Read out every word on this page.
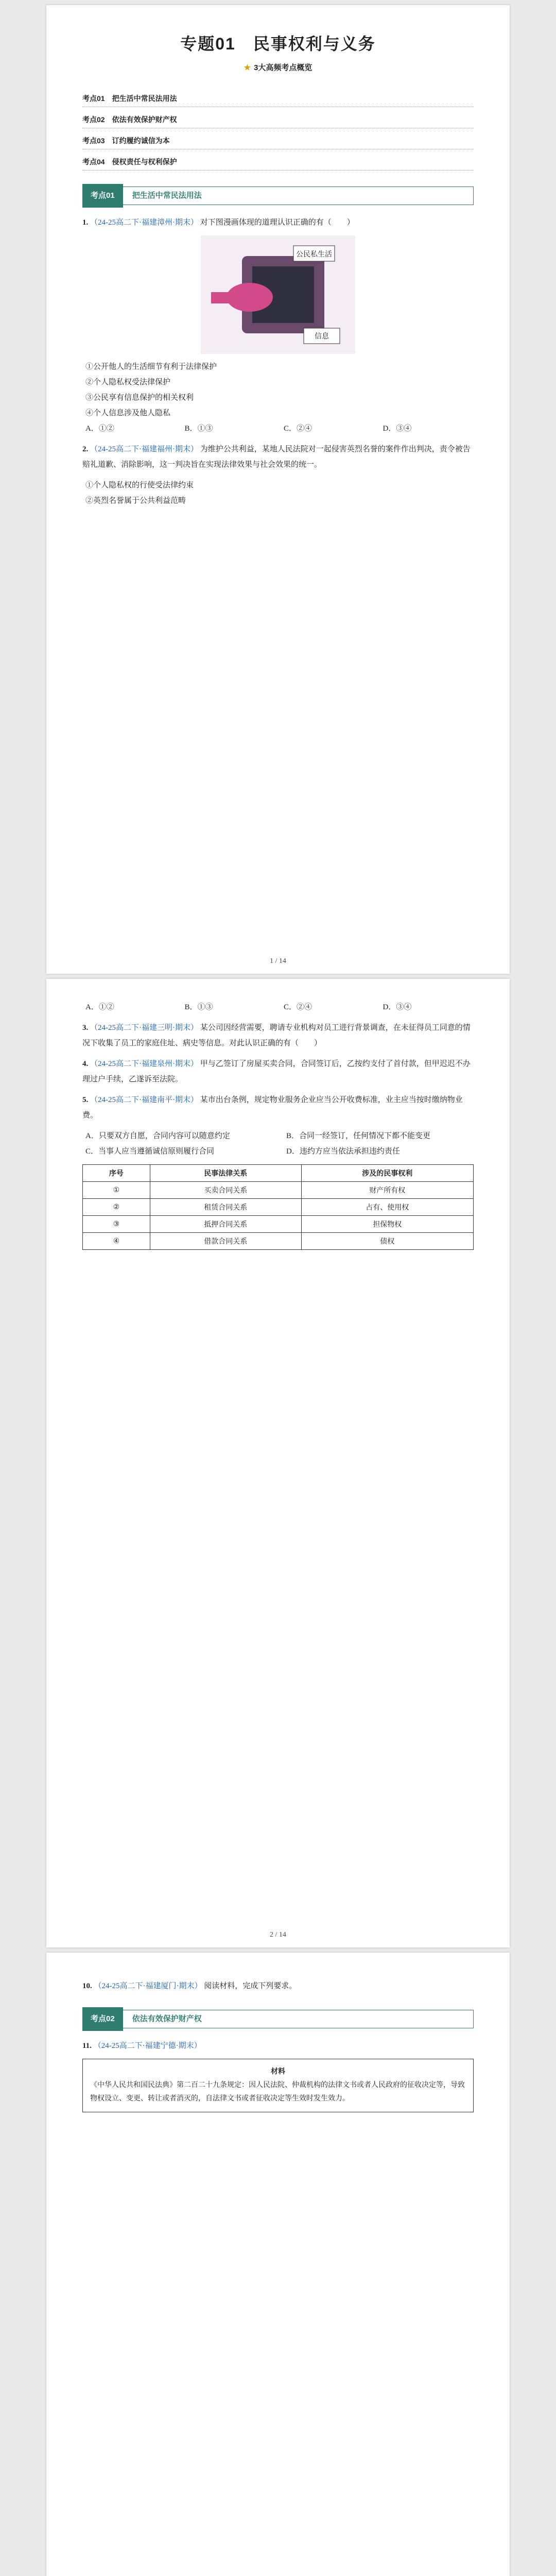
专题01　民事权利与义务
★ 3大高频考点概览
考点01　把生活中常民法用法
考点02　依法有效保护财产权
考点03　订约履约诚信为本
考点04　侵权责任与权利保护
考点01	把生活中常民法用法
1. （24-25高二下·福建漳州·期末） 对下图漫画体现的道理认识正确的有（　　）
公民私生活
信息
①公开他人的生活细节有利于法律保护
②个人隐私权受法律保护
③公民享有信息保护的相关权利
④个人信息涉及他人隐私
A．①②	B．①③	C．②④	D．③④
2. （24-25高二下·福建福州·期末） 为维护公共利益，某地人民法院对一起侵害英烈名誉的案件作出判决，责令被告赔礼道歉、消除影响，这一判决旨在实现法律效果与社会效果的统一。
①个人隐私权的行使受法律约束
②英烈名誉属于公共利益范畴
1 / 14
A．①②	B．①③	C．②④	D．③④
3. （24-25高二下·福建三明·期末） 某公司因经营需要，聘请专业机构对员工进行背景调查，在未征得员工同意的情况下收集了员工的家庭住址、病史等信息。对此认识正确的有（　　）
4. （24-25高二下·福建泉州·期末） 甲与乙签订了房屋买卖合同，合同签订后，乙按约支付了首付款，但甲迟迟不办理过户手续，乙遂诉至法院。
5. （24-25高二下·福建南平·期末） 某市出台条例，规定物业服务企业应当公开收费标准，业主应当按时缴纳物业费。
A．只要双方自愿，合同内容可以随意约定	B．合同一经签订，任何情况下都不能变更
C．当事人应当遵循诚信原则履行合同	D．违约方应当依法承担违约责任
序号	民事法律关系	涉及的民事权利
①	买卖合同关系	财产所有权
②	租赁合同关系	占有、使用权
③	抵押合同关系	担保物权
④	借款合同关系	债权
2 / 14
10. （24-25高二下·福建厦门·期末） 阅读材料，完成下列要求。
考点02	依法有效保护财产权
11. （24-25高二下·福建宁德·期末）
材料
《中华人民共和国民法典》第二百二十九条规定：因人民法院、仲裁机构的法律文书或者人民政府的征收决定等，导致物权设立、变更、转让或者消灭的，自法律文书或者征收决定等生效时发生效力。
